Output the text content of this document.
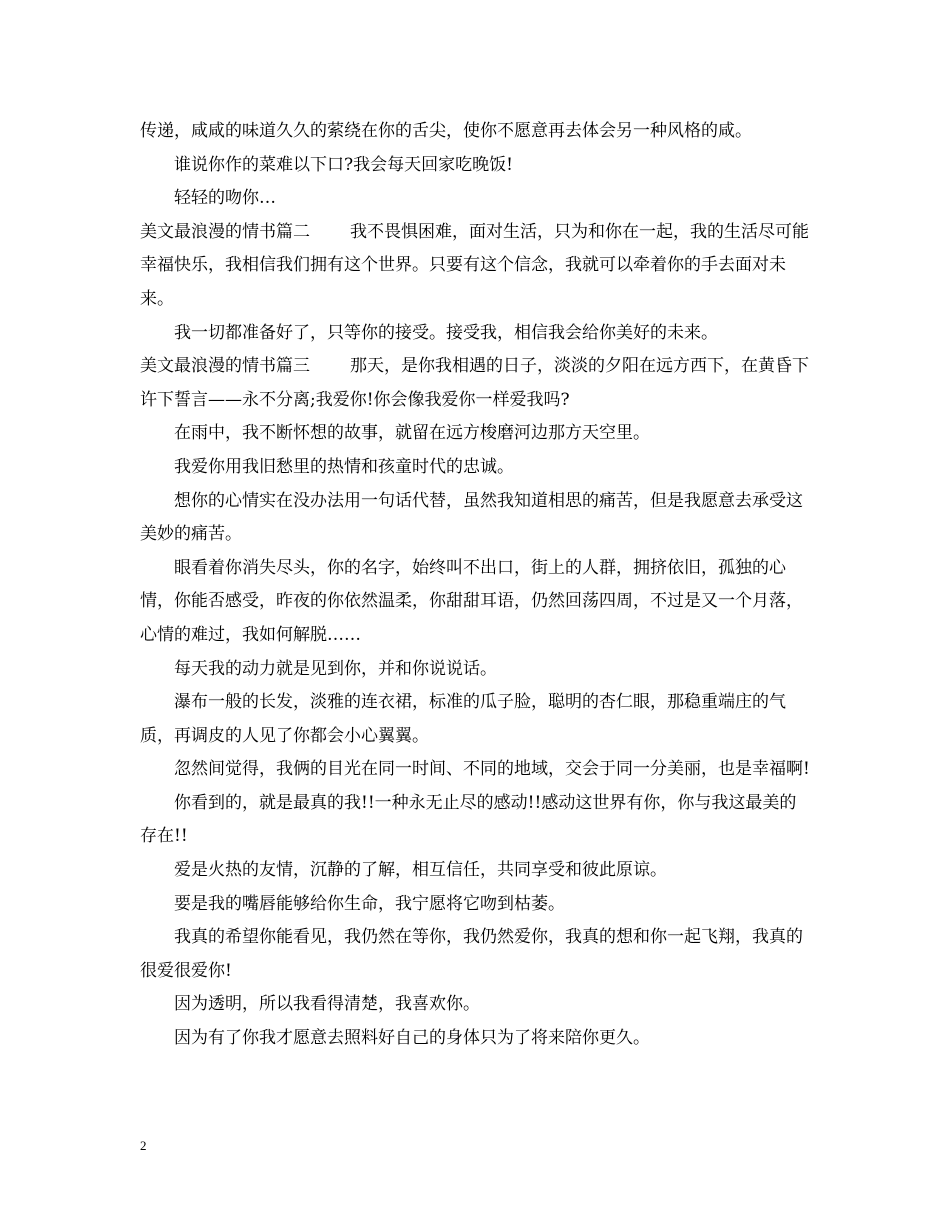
传递，咸咸的味道久久的萦绕在你的舌尖，使你不愿意再去体会另一种风格的咸。

谁说你作的菜难以下口?我会每天回家吃晚饭!

轻轻的吻你…

美文最浪漫的情书篇二 我不畏惧困难，面对生活，只为和你在一起，我的生活尽可能幸福快乐，我相信我们拥有这个世界。只要有这个信念，我就可以牵着你的手去面对未来。

我一切都准备好了，只等你的接受。接受我，相信我会给你美好的未来。

美文最浪漫的情书篇三 那天，是你我相遇的日子，淡淡的夕阳在远方西下，在黄昏下许下誓言——永不分离;我爱你!你会像我爱你一样爱我吗?

在雨中，我不断怀想的故事，就留在远方梭磨河边那方天空里。

我爱你用我旧愁里的热情和孩童时代的忠诚。

想你的心情实在没办法用一句话代替，虽然我知道相思的痛苦，但是我愿意去承受这美妙的痛苦。

眼看着你消失尽头，你的名字，始终叫不出口，街上的人群，拥挤依旧，孤独的心情，你能否感受，昨夜的你依然温柔，你甜甜耳语，仍然回荡四周，不过是又一个月落，心情的难过，我如何解脱……

每天我的动力就是见到你，并和你说说话。

瀑布一般的长发，淡雅的连衣裙，标准的瓜子脸，聪明的杏仁眼，那稳重端庄的气质，再调皮的人见了你都会小心翼翼。

忽然间觉得，我俩的目光在同一时间、不同的地域，交会于同一分美丽，也是幸福啊!

你看到的，就是最真的我!!一种永无止尽的感动!!感动这世界有你，你与我这最美的存在!!

爱是火热的友情，沉静的了解，相互信任，共同享受和彼此原谅。

要是我的嘴唇能够给你生命，我宁愿将它吻到枯萎。

我真的希望你能看见，我仍然在等你，我仍然爱你，我真的想和你一起飞翔，我真的很爱很爱你!

因为透明，所以我看得清楚，我喜欢你。

因为有了你我才愿意去照料好自己的身体只为了将来陪你更久。

2
